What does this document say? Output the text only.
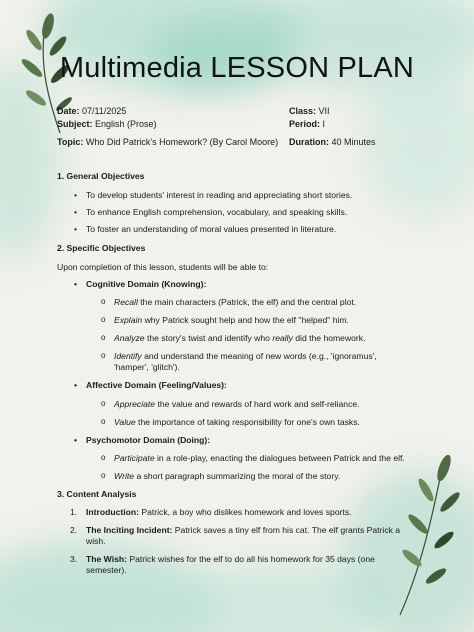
Multimedia LESSON PLAN
Date: 07/11/2025	Class: VII
Subject: English (Prose)	Period: I
Topic: Who Did Patrick's Homework? (By Carol Moore) Duration: 40 Minutes
1. General Objectives
• To develop students' interest in reading and appreciating short stories.
• To enhance English comprehension, vocabulary, and speaking skills.
• To foster an understanding of moral values presented in literature.
2. Specific Objectives
Upon completion of this lesson, students will be able to:
• Cognitive Domain (Knowing):
o Recall the main characters (Patrick, the elf) and the central plot.
o Explain why Patrick sought help and how the elf "helped" him.
o Analyze the story's twist and identify who really did the homework.
o Identify and understand the meaning of new words (e.g., 'ignoramus',
'hamper', 'glitch').
• Affective Domain (Feeling/Values):
o Appreciate the value and rewards of hard work and self-reliance.
o Value the importance of taking responsibility for one's own tasks.
• Psychomotor Domain (Doing):
o Participate in a role-play, enacting the dialogues between Patrick and the elf.
o Write a short paragraph summarizing the moral of the story.
3. Content Analysis
1. Introduction: Patrick, a boy who dislikes homework and loves sports.
2. The Inciting Incident: Patrick saves a tiny elf from his cat. The elf grants Patrick a
wish.
3. The Wish: Patrick wishes for the elf to do all his homework for 35 days (one
semester).
